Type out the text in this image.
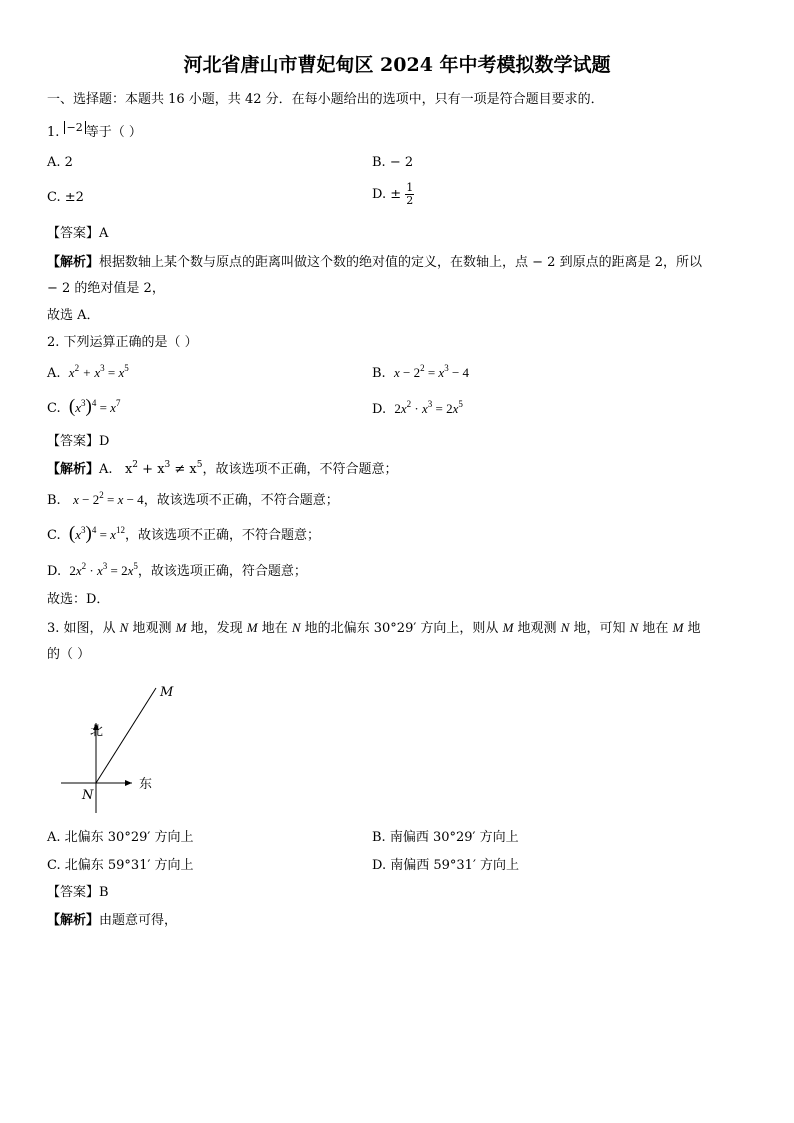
河北省唐山市曹妃甸区 2024 年中考模拟数学试题
一、选择题：本题共 16 小题，共 42 分．在每小题给出的选项中，只有一项是符合题目要求的．
1. $^{-2}$ 等于（ ）
A. 2	B. − 2
C. ±2	D. ± $\frac{1}{2}$
【答案】A
【解析】根据数轴上某个数与原点的距离叫做这个数的绝对值的定义，在数轴上，点 − 2 到原点的距离是 2，所以
− 2 的绝对值是 2，
故选 A．
2. 下列运算正确的是（ ）
A. $x^2 + x^3 = x^5$	B. $x - 2^2 = x^3 - 4$
C. $(x^3)^4 = x^7$	D. $2x^2 \cdot x^3 = 2x^5$
【答案】D
【解析】A. $x^2 + x^3 \ne x^5$，故该选项不正确，不符合题意；
B. $x - 2^2 = x - 4$，故该选项不正确，不符合题意；
C. $(x^3)^4 = x^{12}$，故该选项不正确，不符合题意；
D. $2x^2 \cdot x^3 = 2x^5$，故该选项正确，符合题意；
故选：D．
3. 如图，从 N 地观测 M 地，发现 M 地在 N 地的北偏东 30°29′ 方向上，则从 M 地观测 N 地，可知 N 地在 M 地
的（ ）
北
东
N
M
A. 北偏东 30°29′ 方向上	B. 南偏西 30°29′ 方向上
C. 北偏东 59°31′ 方向上	D. 南偏西 59°31′ 方向上
【答案】B
【解析】由题意可得，
